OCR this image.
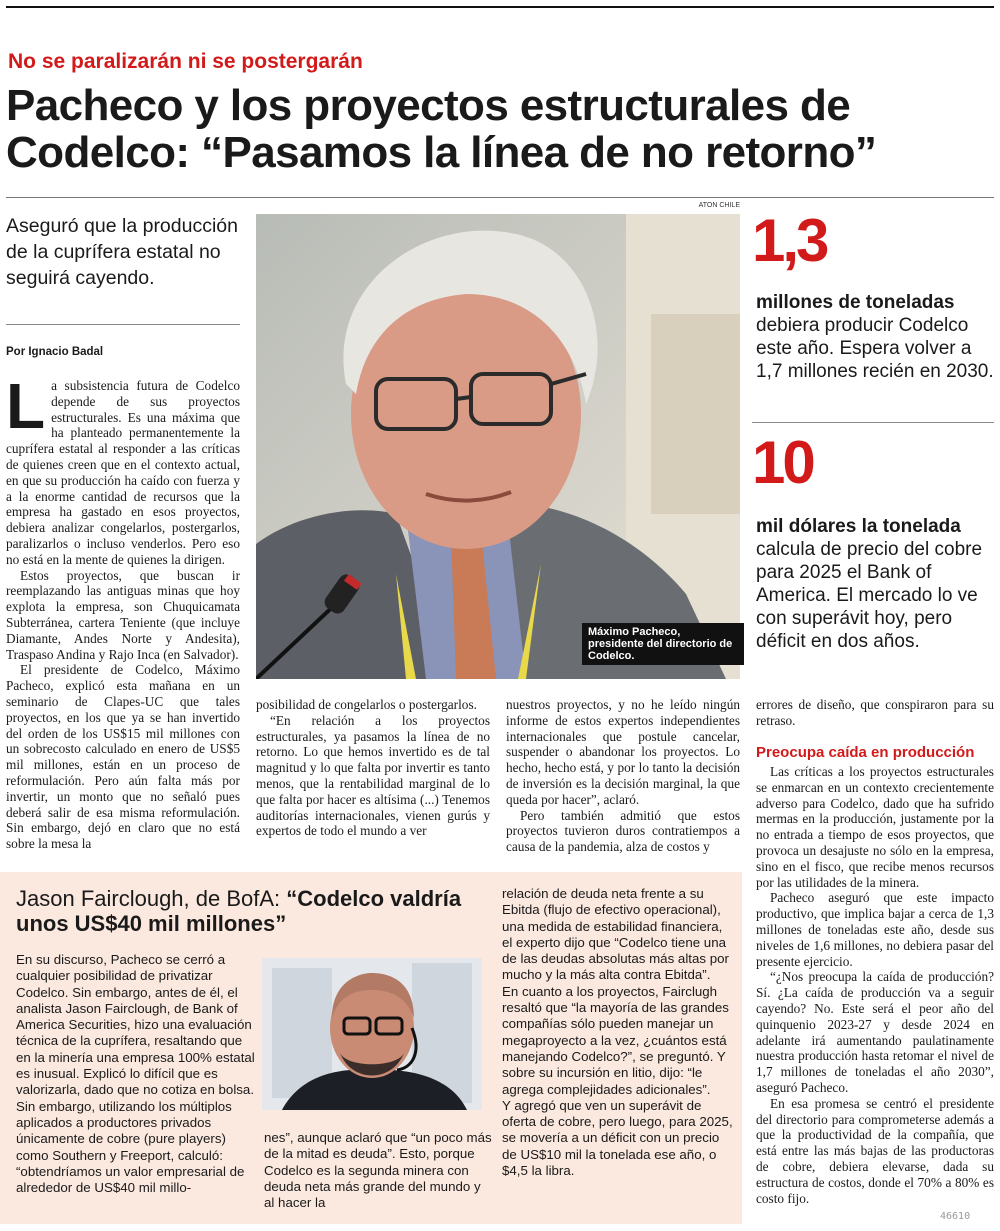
No se paralizarán ni se postergarán
Pacheco y los proyectos estructurales de Codelco: “Pasamos la línea de no retorno”
Aseguró que la producción de la cuprífera estatal no seguirá cayendo.
Por Ignacio Badal
L a subsistencia futura de Codelco depende de sus proyectos estructurales. Es una máxima que ha planteado permanentemente la cuprífera estatal al responder a las críticas de quienes creen que en el contexto actual, en que su producción ha caído con fuerza y a la enorme cantidad de recursos que la empresa ha gastado en esos proyectos, debiera analizar congelarlos, postergarlos, paralizarlos o incluso venderlos. Pero eso no está en la mente de quienes la dirigen.

Estos proyectos, que buscan ir reemplazando las antiguas minas que hoy explota la empresa, son Chuquicamata Subterránea, cartera Teniente (que incluye Diamante, Andes Norte y Andesita), Traspaso Andina y Rajo Inca (en Salvador).

El presidente de Codelco, Máximo Pacheco, explicó esta mañana en un seminario de Clapes-UC que tales proyectos, en los que ya se han invertido del orden de los US$15 mil millones con un sobrecosto calculado en enero de US$5 mil millones, están en un proceso de reformulación. Pero aún falta más por invertir, un monto que no señaló pues deberá salir de esa misma reformulación. Sin embargo, dejó en claro que no está sobre la mesa la

ATON CHILE
Máximo Pacheco, presidente del directorio de Codelco.

posibilidad de congelarlos o postergarlos.

“En relación a los proyectos estructurales, ya pasamos la línea de no retorno. Lo que hemos invertido es de tal magnitud y lo que falta por invertir es tanto menos, que la rentabilidad marginal de lo que falta por hacer es altísima (...) Tenemos auditorías internacionales, vienen gurús y expertos de todo el mundo a ver

nuestros proyectos, y no he leído ningún informe de estos expertos independientes internacionales que postule cancelar, suspender o abandonar los proyectos. Lo hecho, hecho está, y por lo tanto la decisión de inversión es la decisión marginal, la que queda por hacer”, aclaró.

Pero también admitió que estos proyectos tuvieron duros contratiempos a causa de la pandemia, alza de costos y

1,3
millones de toneladas
debiera producir Codelco este año. Espera volver a 1,7 millones recién en 2030.
10
mil dólares la tonelada
calcula de precio del cobre para 2025 el Bank of America. El mercado lo ve con superávit hoy, pero déficit en dos años.

errores de diseño, que conspiraron para su retraso.

Preocupa caída en producción

Las críticas a los proyectos estructurales se enmarcan en un contexto crecientemente adverso para Codelco, dado que ha sufrido mermas en la producción, justamente por la no entrada a tiempo de esos proyectos, que provoca un desajuste no sólo en la empresa, sino en el fisco, que recibe menos recursos por las utilidades de la minera.

Pacheco aseguró que este impacto productivo, que implica bajar a cerca de 1,3 millones de toneladas este año, desde sus niveles de 1,6 millones, no debiera pasar del presente ejercicio.

“¿Nos preocupa la caída de producción? Sí. ¿La caída de producción va a seguir cayendo? No. Este será el peor año del quinquenio 2023-27 y desde 2024 en adelante irá aumentando paulatinamente nuestra producción hasta retomar el nivel de 1,7 millones de toneladas el año 2030”, aseguró Pacheco.

En esa promesa se centró el presidente del directorio para comprometerse además a que la productividad de la compañía, que está entre las más bajas de las productoras de cobre, debiera elevarse, dada su estructura de costos, donde el 70% a 80% es costo fijo.

Jason Fairclough, de BofA: “Codelco valdría unos US$40 mil millones”

En su discurso, Pacheco se cerró a cualquier posibilidad de privatizar Codelco. Sin embargo, antes de él, el analista Jason Fairclough, de Bank of America Securities, hizo una evaluación técnica de la cuprífera, resaltando que en la minería una empresa 100% estatal es inusual. Explicó lo difícil que es valorizarla, dado que no cotiza en bolsa. Sin embargo, utilizando los múltiplos aplicados a productores privados únicamente de cobre (pure players) como Southern y Freeport, calculó: “obtendríamos un valor empresarial de alrededor de US$40 mil millo-

nes”, aunque aclaró que “un poco más de la mitad es deuda”. Esto, porque Codelco es la segunda minera con deuda neta más grande del mundo y al hacer la

relación de deuda neta frente a su Ebitda (flujo de efectivo operacional), una medida de estabilidad financiera, el experto dijo que “Codelco tiene una de las deudas absolutas más altas por mucho y la más alta contra Ebitda”.

En cuanto a los proyectos, Fairclugh resaltó que “la mayoría de las grandes compañías sólo pueden manejar un megaproyecto a la vez, ¿cuántos está manejando Codelco?”, se preguntó. Y sobre su incursión en litio, dijo: “le agrega complejidades adicionales”.

Y agregó que ven un superávit de oferta de cobre, pero luego, para 2025, se movería a un déficit con un precio de US$10 mil la tonelada ese año, o $4,5 la libra.

46610
